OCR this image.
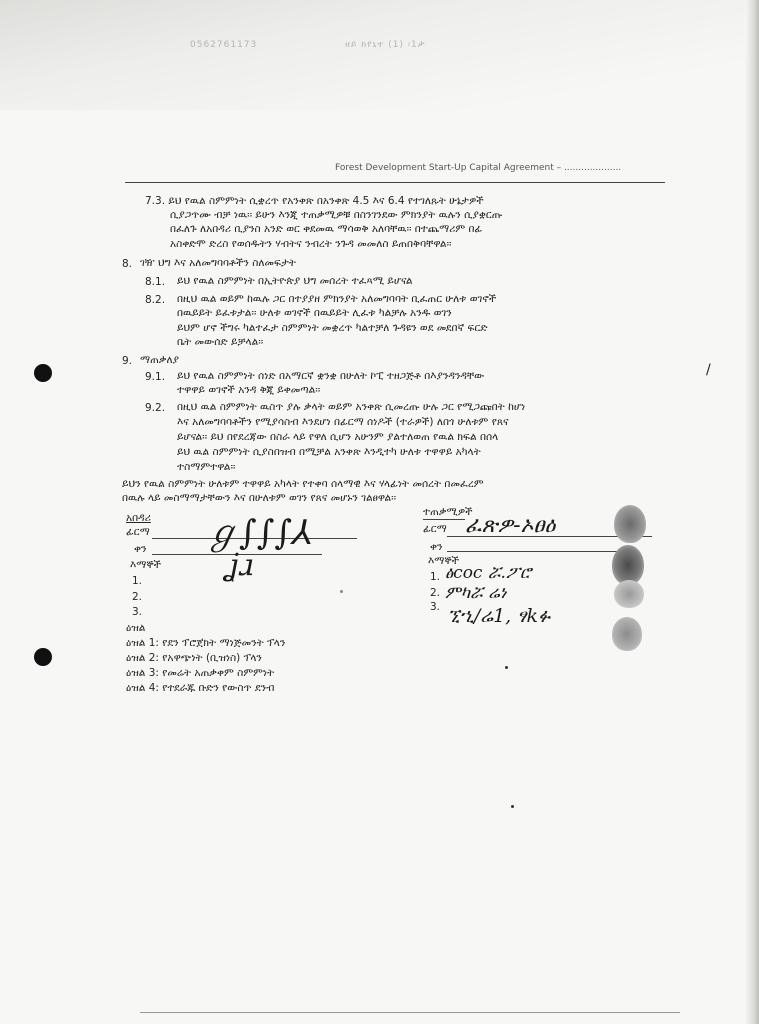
0562761173	ዘይ ከየኒተ (1) ፡1ታ
Forest Development Start-Up Capital Agreement – ....................
7.3. ይህ የዉል ስምምነት ሲቋረጥ የአንቀጽ በአንቀጽ 4.5 እና 6.4 የተገለጹት ሁኔታዎች
ሲያጋጥሙ ብቻ ነዉ፡፡ ይሁን እንጂ ተጠቃሚዎቹ በስንገንደው ምክንያት ዉሉን ሲያቋርጡ
በፈለጉ ለአበዳሪ ቢያንስ አንድ ወር ቀደመዉ ማሳወቅ አለባቸዉ፡፡ በተጨማሪም በፊ
አስቀድሞ ድረስ የወሰዱትን ሃብትና ንብረት ንጉዳ መመለስ ይጠበቅባቸዋል፡፡
8. ገዥ ህግ እና አለመግባባቶችን ስለመፍታት
8.1. ይህ የዉል ስምምነት በኢትዮጵያ ህግ መሰረት ተፈጻሚ ይሆናል
8.2. በዚህ ዉል ወይም ከዉሉ ጋር በተያያዘ ምክንያት አለመግባባት ቢፈጠር ሁለቱ ወገኖች
በዉይይት ይፈቱታል፡፡ ሁለቱ ወገኖች በዉይይት ሊፈቱ ካልቻሉ አንዱ ወገን
ይህም ሆኖ ችግሩ ካልተፈታ ስምምነት መቋረጥ ካልተቻለ ጉዳዩን ወደ መደበኛ ፍርድ
ቤት መውሰድ ይቻላል፡፡
9. ማጠቃለያ
9.1. ይህ የዉል ስምምነት ሰነድ በአማርኛ ቋንቋ በሁለት ኮፒ ተዘጋጅቶ በእያንዳንዳቸው
ተዋዋይ ወገኖች አንዳ ቅጂ ይቀመጣል፡፡
9.2. በዚህ ዉል ስምምነት ዉስጥ ያሉ ቃላት ወይም አንቀጽ ሲመረጡ ሁሉ ጋር የሚጋጩበት ከሆነ
እና አለመግባባቶችን የሚያሳስብ እንደሆነ በፊርማ ሰነዶች (ተራዎች) ለበጎ ሁለቱም የጸና
ይሆናል፡፡ ይህ በየደረጃው በስራ ላይ የዋለ ሲሆን አሁንም ያልተለወጠ የዉል ክፍል በሰላ
ይህ ዉል ስምምነት ሲያስበዝብ በሚቻል አንቀጽ እንዲተካ ሁለቱ ተዋዋይ አካላት
ተስማምተዋል፡፡
ይህን የዉል ስምምነት ሁለቱም ተዋዋይ አካላት የተቀባ ሰላማዊ እና ሃላፊነት መሰረት በመፈረም
በዉሉ ላይ መስማማታቸውን እና በሁለቱም ወገን የጸና መሆኑን ገልፀዋል፡፡
አበዳሪ
ፊርማ
ቀን ℊ∫∫∫⅄
ʝɹ
እማኞች
1.
2.
3.
ተጠቃሚዎች
ፊርማ
ቀን
ፈጽዎ-ኦፀዕ
እማኞች
1. ፅcoc ሯ.ፖሮ
2. ምካሯ ሬነ
3. ኚኂ/ሬ1, ፃkፉ
ዕዝል
ዕዝል 1: የደን ፕሮጀክት ማነጅመንት ፕላን
ዕዝል 2: የአዋጭነት (ቢዝነስ) ፕላን
ዕዝል 3: የመሬት አጠቃቀም ስምምነት
ዕዝል 4: የተደራጁ ቡድን የውስጥ ደንብ
/
